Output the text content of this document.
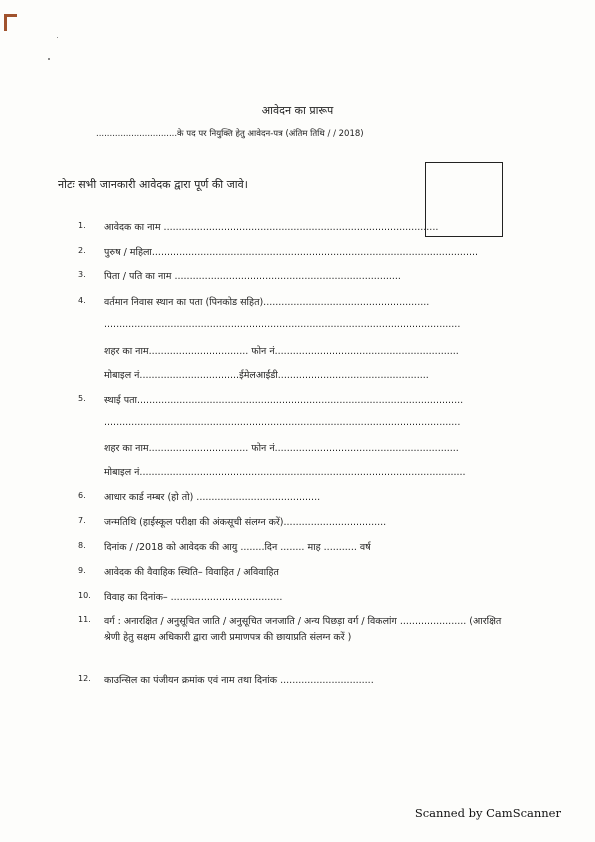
आवेदन का प्रारूप
..............................के पद पर नियुक्ति हेतु आवेदन-पत्र (अंतिम तिथि / / 2018)
नोटः सभी जानकारी आवेदक द्वारा पूर्ण की जावे।
1. आवेदक का नाम ...........................................................................................
2. पुरुष / महिला............................................................................................................
3. पिता / पति का नाम ...........................................................................
4. वर्तमान निवास स्थान का पता (पिनकोड सहित).......................................................
......................................................................................................................
शहर का नाम................................. फोन नं.............................................................
मोबाइल नं.................................ईमेलआईडी..................................................
5. स्थाई पता............................................................................................................
......................................................................................................................
शहर का नाम................................. फोन नं.............................................................
मोबाइल नं............................................................................................................
6. आधार कार्ड नम्बर (हो तो) .........................................
7. जन्मतिथि (हाईस्कूल परीक्षा की अंकसूची संलग्न करें)..................................
8. दिनांक / /2018 को आवेदक की आयु ........दिन ........ माह ........... वर्ष
9. आवेदक की वैवाहिक स्थिति– विवाहित / अविवाहित
10. विवाह का दिनांक– .....................................
11. वर्ग : अनारक्षित / अनुसूचित जाति / अनुसूचित जनजाति / अन्य पिछड़ा वर्ग / विकलांग ...................... (आरक्षित श्रेणी हेतु सक्षम अधिकारी द्वारा जारी प्रमाणपत्र की छायाप्रति संलग्न करें )
12. काउन्सिल का पंजीयन क्रमांक एवं नाम तथा दिनांक ...............................
Scanned by CamScanner
